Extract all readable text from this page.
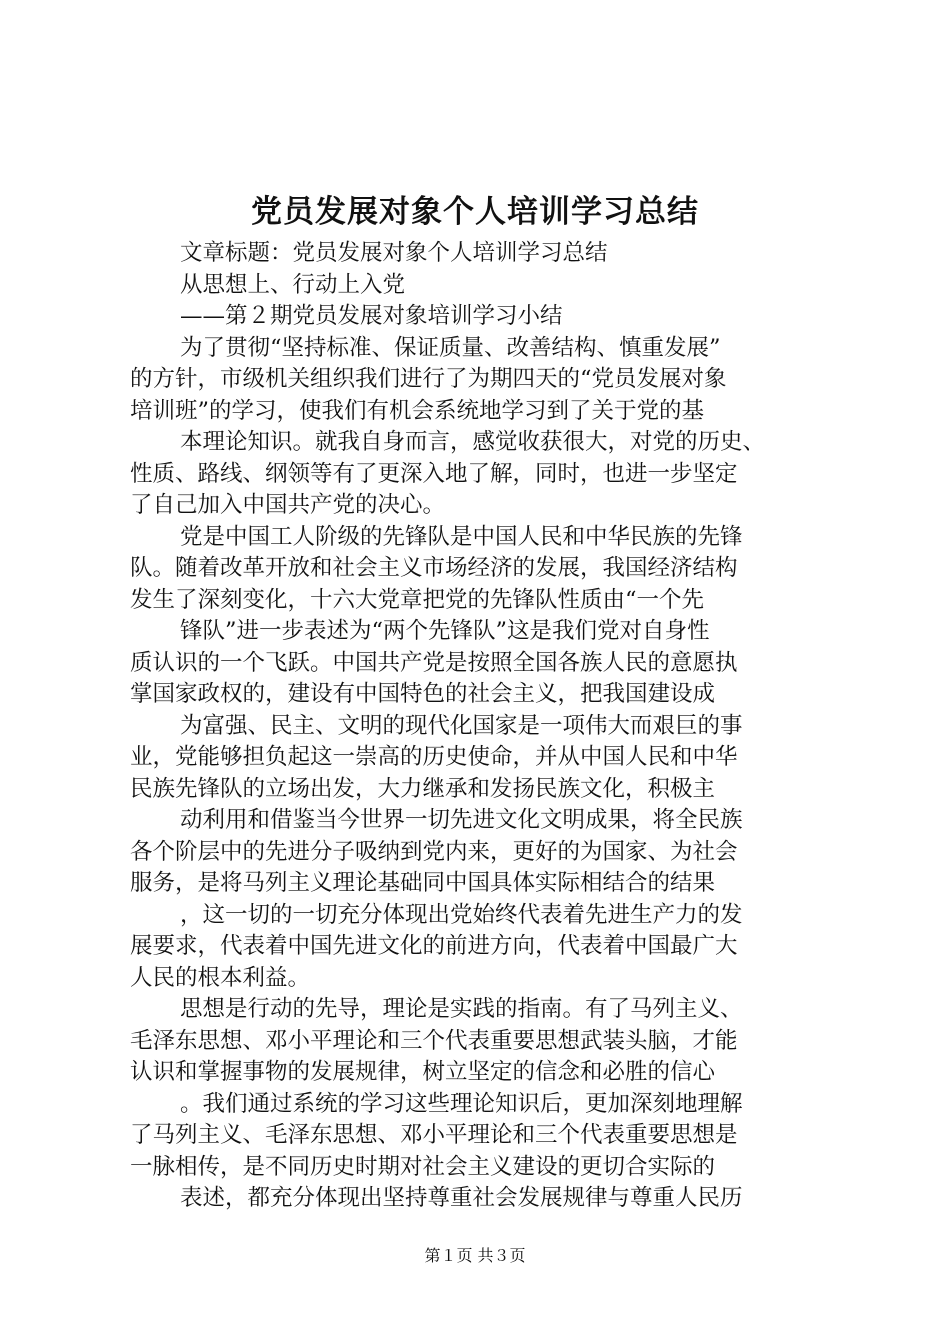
党员发展对象个人培训学习总结
文章标题：党员发展对象个人培训学习总结
从思想上、行动上入党
——第２期党员发展对象培训学习小结
为了贯彻“坚持标准、保证质量、改善结构、慎重发展”
的方针，市级机关组织我们进行了为期四天的“党员发展对象
培训班”的学习，使我们有机会系统地学习到了关于党的基
本理论知识。就我自身而言，感觉收获很大，对党的历史、
性质、路线、纲领等有了更深入地了解，同时，也进一步坚定
了自己加入中国共产党的决心。
党是中国工人阶级的先锋队是中国人民和中华民族的先锋
队。随着改革开放和社会主义市场经济的发展，我国经济结构
发生了深刻变化，十六大党章把党的先锋队性质由“一个先
锋队”进一步表述为“两个先锋队”这是我们党对自身性
质认识的一个飞跃。中国共产党是按照全国各族人民的意愿执
掌国家政权的，建设有中国特色的社会主义，把我国建设成
为富强、民主、文明的现代化国家是一项伟大而艰巨的事
业，党能够担负起这一崇高的历史使命，并从中国人民和中华
民族先锋队的立场出发，大力继承和发扬民族文化，积极主
动利用和借鉴当今世界一切先进文化文明成果，将全民族
各个阶层中的先进分子吸纳到党内来，更好的为国家、为社会
服务，是将马列主义理论基础同中国具体实际相结合的结果
，这一切的一切充分体现出党始终代表着先进生产力的发
展要求，代表着中国先进文化的前进方向，代表着中国最广大
人民的根本利益。
思想是行动的先导，理论是实践的指南。有了马列主义、
毛泽东思想、邓小平理论和三个代表重要思想武装头脑，才能
认识和掌握事物的发展规律，树立坚定的信念和必胜的信心
。我们通过系统的学习这些理论知识后，更加深刻地理解
了马列主义、毛泽东思想、邓小平理论和三个代表重要思想是
一脉相传，是不同历史时期对社会主义建设的更切合实际的
表述，都充分体现出坚持尊重社会发展规律与尊重人民历
第１页 共３页
